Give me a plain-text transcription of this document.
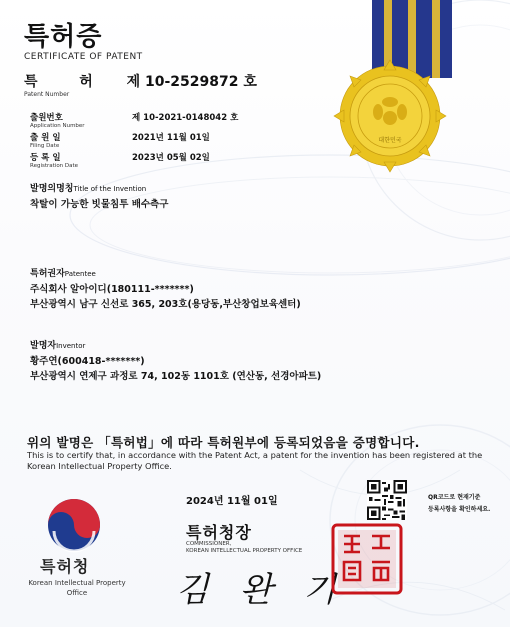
대한민국
특허증
CERTIFICATE OF PATENT
특	허 제 10-2529872 호
Patent Number
출원번호
Application Number
제 10-2021-0148042 호
출 원 일
Filing Date
2021년 11월 01일
등 록 일
Registration Date
2023년 05월 02일
발명의명칭Title of the Invention
착탈이 가능한 빗물침투 배수측구
특허권자Patentee
주식회사 알아이디(180111-*******)
부산광역시 남구 신선로 365, 203호(용당동,부산창업보육센터)
발명자Inventor
황주연(600418-*******)
부산광역시 연제구 과정로 74, 102동 1101호 (연산동, 선경아파트)
위의 발명은 「특허법」에 따라 특허원부에 등록되었음을 증명합니다.
This is to certify that, in accordance with the Patent Act, a patent for the invention has been registered at the Korean Intellectual Property Office.
특허청
Korean Intellectual Property Office
2024년 11월 01일
특허청장
COMMISSIONER,
KOREAN INTELLECTUAL PROPERTY OFFICE
김 완 기
QR코드로 현재기준
등록사항을 확인하세요.
